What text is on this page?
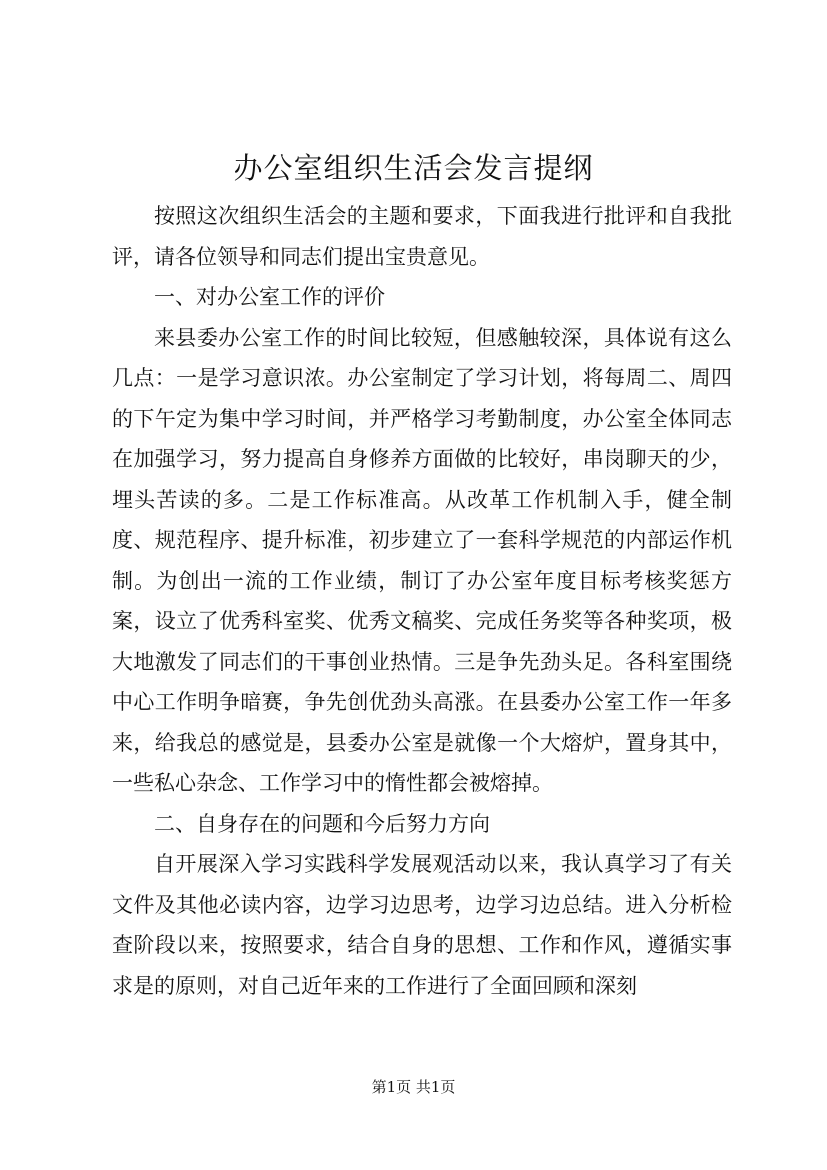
办公室组织生活会发言提纲

按照这次组织生活会的主题和要求，下面我进行批评和自我批评，请各位领导和同志们提出宝贵意见。

一、对办公室工作的评价

来县委办公室工作的时间比较短，但感触较深，具体说有这么几点：一是学习意识浓。办公室制定了学习计划，将每周二、周四的下午定为集中学习时间，并严格学习考勤制度，办公室全体同志在加强学习，努力提高自身修养方面做的比较好，串岗聊天的少，埋头苦读的多。二是工作标准高。从改革工作机制入手，健全制度、规范程序、提升标准，初步建立了一套科学规范的内部运作机制。为创出一流的工作业绩，制订了办公室年度目标考核奖惩方案，设立了优秀科室奖、优秀文稿奖、完成任务奖等各种奖项，极大地激发了同志们的干事创业热情。三是争先劲头足。各科室围绕中心工作明争暗赛，争先创优劲头高涨。在县委办公室工作一年多来，给我总的感觉是，县委办公室是就像一个大熔炉，置身其中，一些私心杂念、工作学习中的惰性都会被熔掉。

二、自身存在的问题和今后努力方向

自开展深入学习实践科学发展观活动以来，我认真学习了有关文件及其他必读内容，边学习边思考，边学习边总结。进入分析检查阶段以来，按照要求，结合自身的思想、工作和作风，遵循实事求是的原则，对自己近年来的工作进行了全面回顾和深刻

第1页 共1页
